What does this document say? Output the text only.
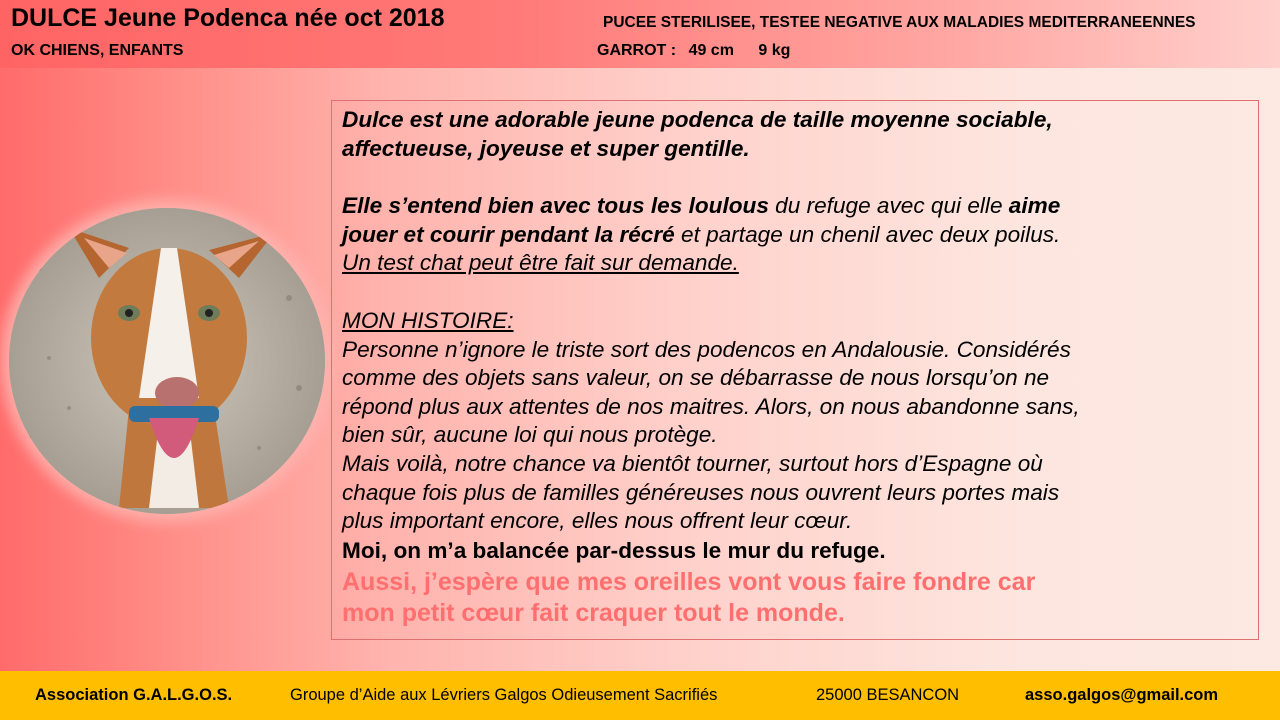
DULCE Jeune Podenca née oct 2018
OK CHIENS, ENFANTS
PUCEE STERILISEE, TESTEE NEGATIVE AUX MALADIES MEDITERRANEENNES
GARROT : 49 cm 9 kg

Dulce est une adorable jeune podenca de taille moyenne sociable,
affectueuse, joyeuse et super gentille.

Elle s’entend bien avec tous les loulous du refuge avec qui elle aime
jouer et courir pendant la récré et partage un chenil avec deux poilus.
Un test chat peut être fait sur demande.

MON HISTOIRE:
Personne n’ignore le triste sort des podencos en Andalousie. Considérés
comme des objets sans valeur, on se débarrasse de nous lorsqu’on ne
répond plus aux attentes de nos maitres. Alors, on nous abandonne sans,
bien sûr, aucune loi qui nous protège.
Mais voilà, notre chance va bientôt tourner, surtout hors d’Espagne où
chaque fois plus de familles généreuses nous ouvrent leurs portes mais
plus important encore, elles nous offrent leur cœur.

Moi, on m’a balancée par-dessus le mur du refuge.

Aussi, j’espère que mes oreilles vont vous faire fondre car
mon petit cœur fait craquer tout le monde.

Association G.A.L.G.O.S.	Groupe d’Aide aux Lévriers Galgos Odieusement Sacrifiés	25000 BESANCON	asso.galgos@gmail.com
